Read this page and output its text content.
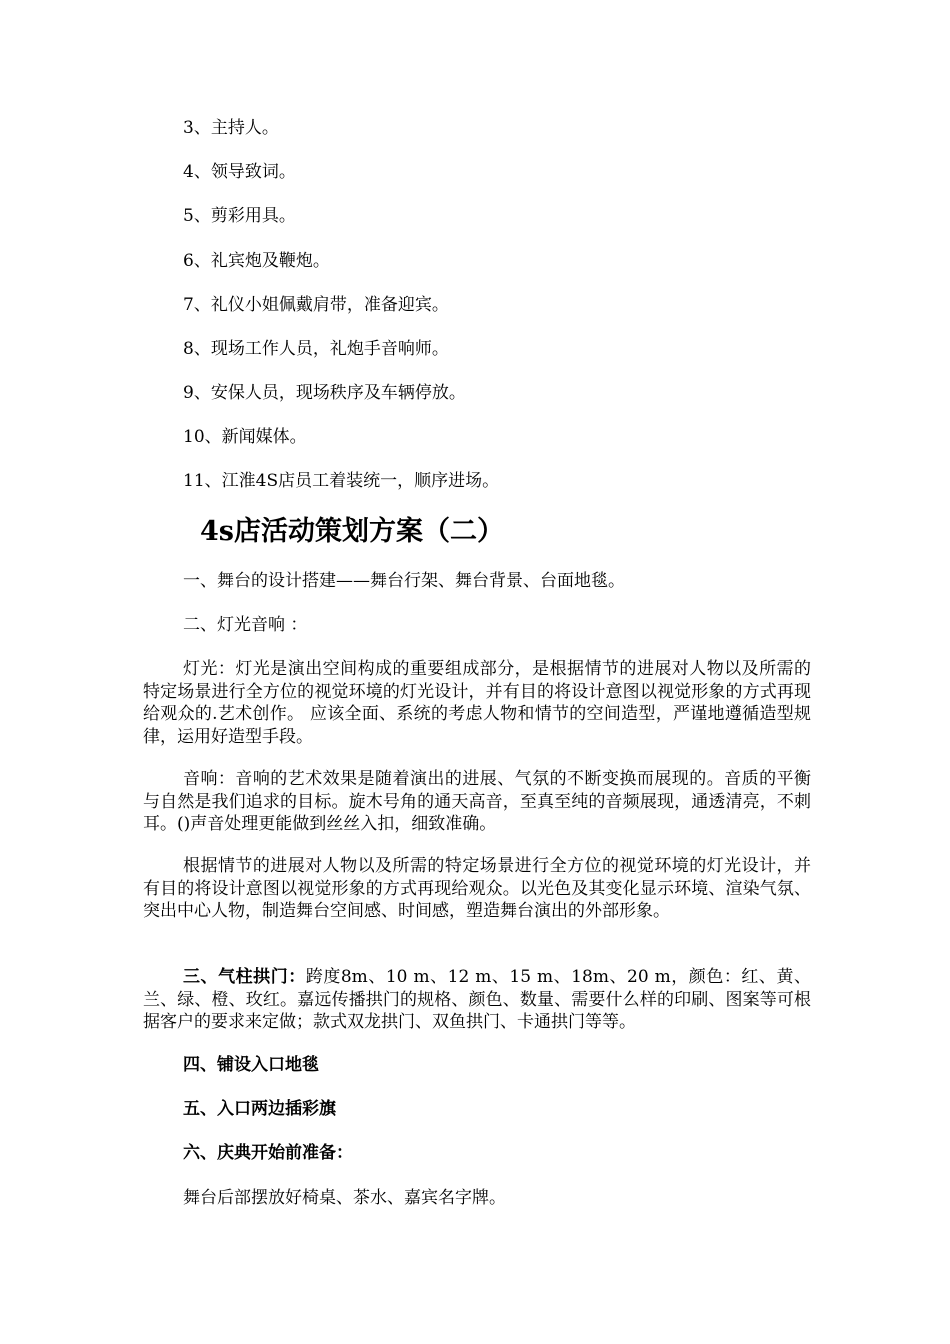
3、主持人。
4、领导致词。
5、剪彩用具。
6、礼宾炮及鞭炮。
7、礼仪小姐佩戴肩带，准备迎宾。
8、现场工作人员，礼炮手音响师。
9、安保人员，现场秩序及车辆停放。
10、新闻媒体。
11、江淮4S店员工着装统一，顺序进场。
4s店活动策划方案（二）
一、舞台的设计搭建——舞台行架、舞台背景、台面地毯。
二、灯光音响 ：
灯光：灯光是演出空间构成的重要组成部分，是根据情节的进展对人物以及所需的特定场景进行全方位的视觉环境的灯光设计，并有目的将设计意图以视觉形象的方式再现给观众的.艺术创作。 应该全面、系统的考虑人物和情节的空间造型，严谨地遵循造型规律，运用好造型手段。
音响：音响的艺术效果是随着演出的进展、气氛的不断变换而展现的。音质的平衡与自然是我们追求的目标。旋木号角的通天高音，至真至纯的音频展现，通透清亮，不刺耳。()声音处理更能做到丝丝入扣，细致准确。
根据情节的进展对人物以及所需的特定场景进行全方位的视觉环境的灯光设计，并有目的将设计意图以视觉形象的方式再现给观众。以光色及其变化显示环境、渲染气氛、突出中心人物，制造舞台空间感、时间感，塑造舞台演出的外部形象。
三、气柱拱门：跨度8m、10 m、12 m、15 m、18m、20 m，颜色：红、黄、兰、绿、橙、玫红。嘉远传播拱门的规格、颜色、数量、需要什么样的印刷、图案等可根据客户的要求来定做；款式双龙拱门、双鱼拱门、卡通拱门等等。
四、铺设入口地毯
五、入口两边插彩旗
六、庆典开始前准备：
舞台后部摆放好椅桌、茶水、嘉宾名字牌。
